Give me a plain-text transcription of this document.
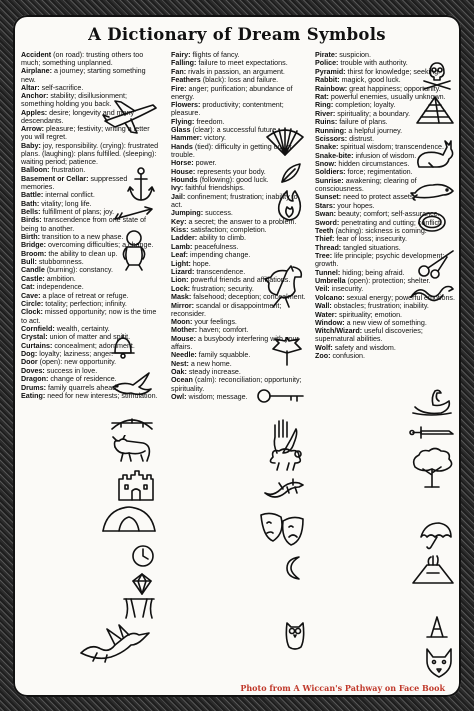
A Dictionary of Dream Symbols
Accident (on road): trusting others too much; something unplanned.
Airplane: a journey; starting something new.
Altar: self-sacrifice.
Anchor: stability; disillusionment; something holding you back.
Apples: desire; longevity and many descendants.
Arrow: pleasure; festivity; writing a letter you will regret.
Baby: joy, responsibility. (crying): frustrated plans. (laughing): plans fulfilled. (sleeping): waiting period; patience.
Balloon: frustration.
Basement or Cellar: suppressed memories.
Battle: internal conflict.
Bath: vitality; long life.
Bells: fulfillment of plans; joy.
Birds: transcendence from one state of being to another.
Birth: transition to a new phase.
Bridge: overcoming difficulties; a change.
Broom: the ability to clean up.
Bull: stubbornness.
Candle (burning): constancy.
Castle: ambition.
Cat: independence.
Cave: a place of retreat or refuge.
Circle: totality; perfection; infinity.
Clock: missed opportunity; now is the time to act.
Cornfield: wealth, certainty.
Crystal: union of matter and spirit.
Curtains: concealment; adornment.
Dog: loyalty; laziness; anger.
Door (open): new opportunity.
Doves: success in love.
Dragon: change of residence.
Drums: family quarrels ahead.
Eating: need for new interests; stimulation.
Fairy: flights of fancy.
Falling: failure to meet expectations.
Fan: rivals in passion, an argument.
Feathers (black): loss and failure.
Fire: anger; purification; abundance of energy.
Flowers: productivity; contentment; pleasure.
Flying: freedom.
Glass (clear): a successful future.
Hammer: victory.
Hands (tied): difficulty in getting out of trouble.
Horse: power.
House: represents your body.
Hounds (following): good luck.
Ivy: faithful friendships.
Jail: confinement; frustration; inability to act.
Jumping: success.
Key: a secret; the answer to a problem.
Kiss: satisfaction; completion.
Ladder: ability to climb.
Lamb: peacefulness.
Leaf: impending change.
Light: hope.
Lizard: transcendence.
Lion: powerful friends and affiliations.
Lock: frustration; security.
Mask: falsehood; deception; concealment.
Mirror: scandal or disappointment; reconsider.
Moon: your feelings.
Mother: haven; comfort.
Mouse: a busybody interfering with your affairs.
Needle: family squabble.
Nest: a new home.
Oak: steady increase.
Ocean (calm): reconciliation; opportunity; spirituality.
Owl: wisdom; message.
Pirate: suspicion.
Police: trouble with authority.
Pyramid: thirst for knowledge; seeking.
Rabbit: magick, good luck.
Rainbow: great happiness; opportunity.
Rat: powerful enemies, usually unknown.
Ring: completion; loyalty.
River: spirituality; a boundary.
Ruins: failure of plans.
Running: a helpful journey.
Scissors: distrust.
Snake: spiritual wisdom; transcendence.
Snake-bite: infusion of wisdom.
Snow: hidden circumstances.
Soldiers: force; regimentation.
Sunrise: awakening; clearing of consciousness.
Sunset: need to protect assets.
Stars: your hopes.
Swan: beauty; comfort; self-assurance.
Sword: penetrating and cutting; conflict.
Teeth (aching): sickness is coming.
Thief: fear of loss; insecurity.
Thread: tangled situations.
Tree: life principle; psychic development; growth.
Tunnel: hiding; being afraid.
Umbrella (open): protection; shelter.
Veil: insecurity.
Volcano: sexual energy; powerful emotions.
Wall: obstacles; frustration; inability.
Water: spirituality; emotion.
Window: a new view of something.
Witch/Wizard: useful discoveries; supernatural abilities.
Wolf: safety and wisdom.
Zoo: confusion.
Photo from A Wiccan's Pathway on Face Book
